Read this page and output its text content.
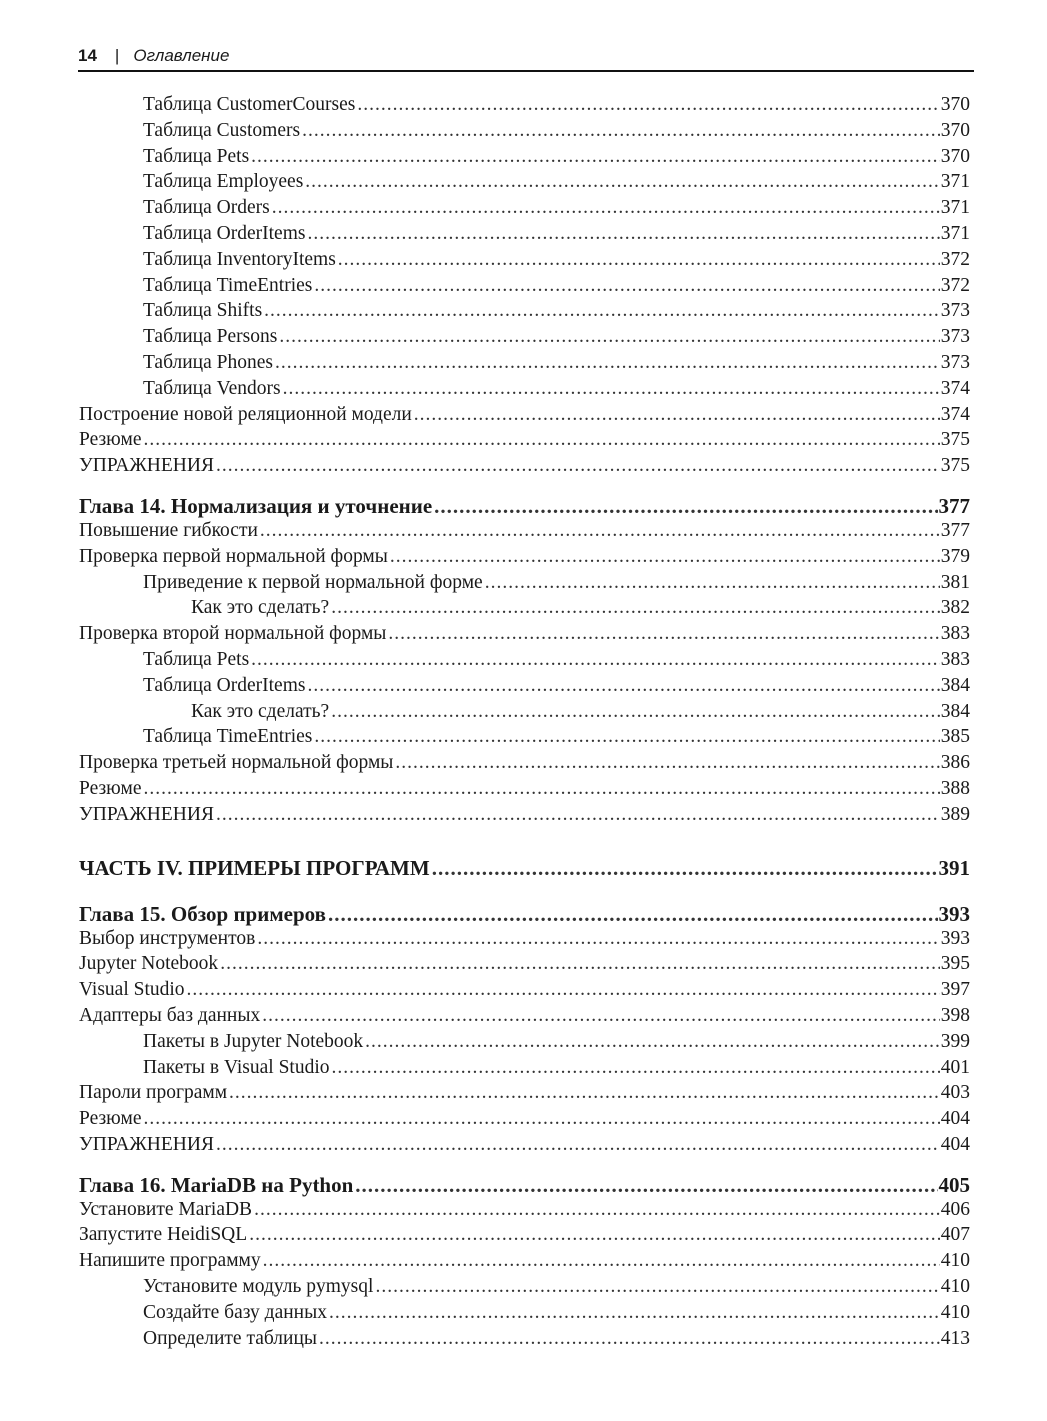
14 | Оглавление
Таблица CustomerCourses .....	370
Таблица Customers .....	370
Таблица Pets .....	370
Таблица Employees .....	371
Таблица Orders .....	371
Таблица OrderItems .....	371
Таблица InventoryItems .....	372
Таблица TimeEntries .....	372
Таблица Shifts .....	373
Таблица Persons .....	373
Таблица Phones .....	373
Таблица Vendors .....	374
Построение новой реляционной модели .....	374
Резюме .....	375
УПРАЖНЕНИЯ .....	375
Глава 14. Нормализация и уточнение .....	377
Повышение гибкости .....	377
Проверка первой нормальной формы .....	379
Приведение к первой нормальной форме .....	381
Как это сделать? .....	382
Проверка второй нормальной формы .....	383
Таблица Pets .....	383
Таблица OrderItems .....	384
Как это сделать? .....	384
Таблица TimeEntries .....	385
Проверка третьей нормальной формы .....	386
Резюме .....	388
УПРАЖНЕНИЯ .....	389
ЧАСТЬ IV. ПРИМЕРЫ ПРОГРАММ .....	391
Глава 15. Обзор примеров .....	393
Выбор инструментов .....	393
Jupyter Notebook .....	395
Visual Studio .....	397
Адаптеры баз данных .....	398
Пакеты в Jupyter Notebook .....	399
Пакеты в Visual Studio .....	401
Пароли программ .....	403
Резюме .....	404
УПРАЖНЕНИЯ .....	404
Глава 16. MariaDB на Python .....	405
Установите MariaDB .....	406
Запустите HeidiSQL .....	407
Напишите программу .....	410
Установите модуль pymysql .....	410
Создайте базу данных .....	410
Определите таблицы .....	413
